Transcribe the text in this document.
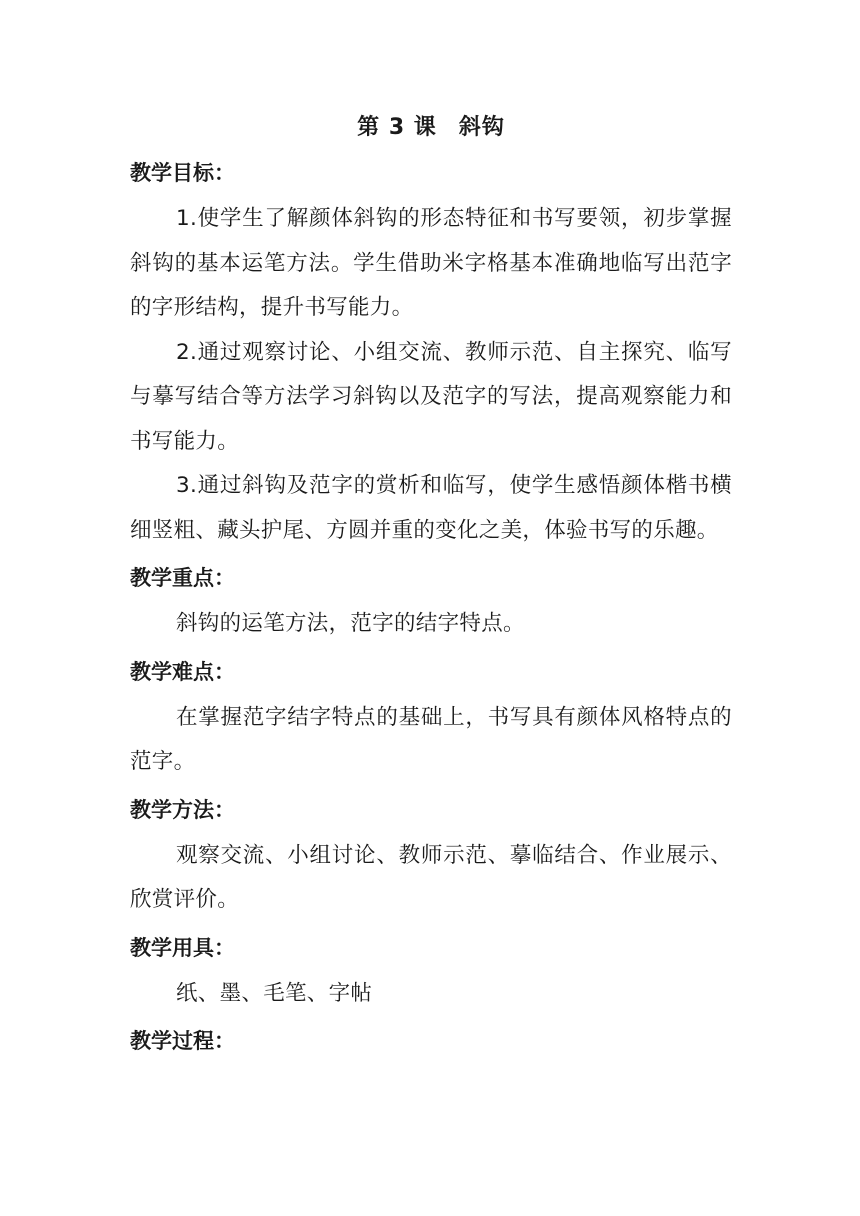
第 3 课 斜钩

教学目标：

1.使学生了解颜体斜钩的形态特征和书写要领，初步掌握斜钩的基本运笔方法。学生借助米字格基本准确地临写出范字的字形结构，提升书写能力。

2.通过观察讨论、小组交流、教师示范、自主探究、临写与摹写结合等方法学习斜钩以及范字的写法，提高观察能力和书写能力。

3.通过斜钩及范字的赏析和临写，使学生感悟颜体楷书横细竖粗、藏头护尾、方圆并重的变化之美，体验书写的乐趣。

教学重点：

斜钩的运笔方法，范字的结字特点。

教学难点：

在掌握范字结字特点的基础上，书写具有颜体风格特点的范字。

教学方法：

观察交流、小组讨论、教师示范、摹临结合、作业展示、欣赏评价。

教学用具：

纸、墨、毛笔、字帖

教学过程：
